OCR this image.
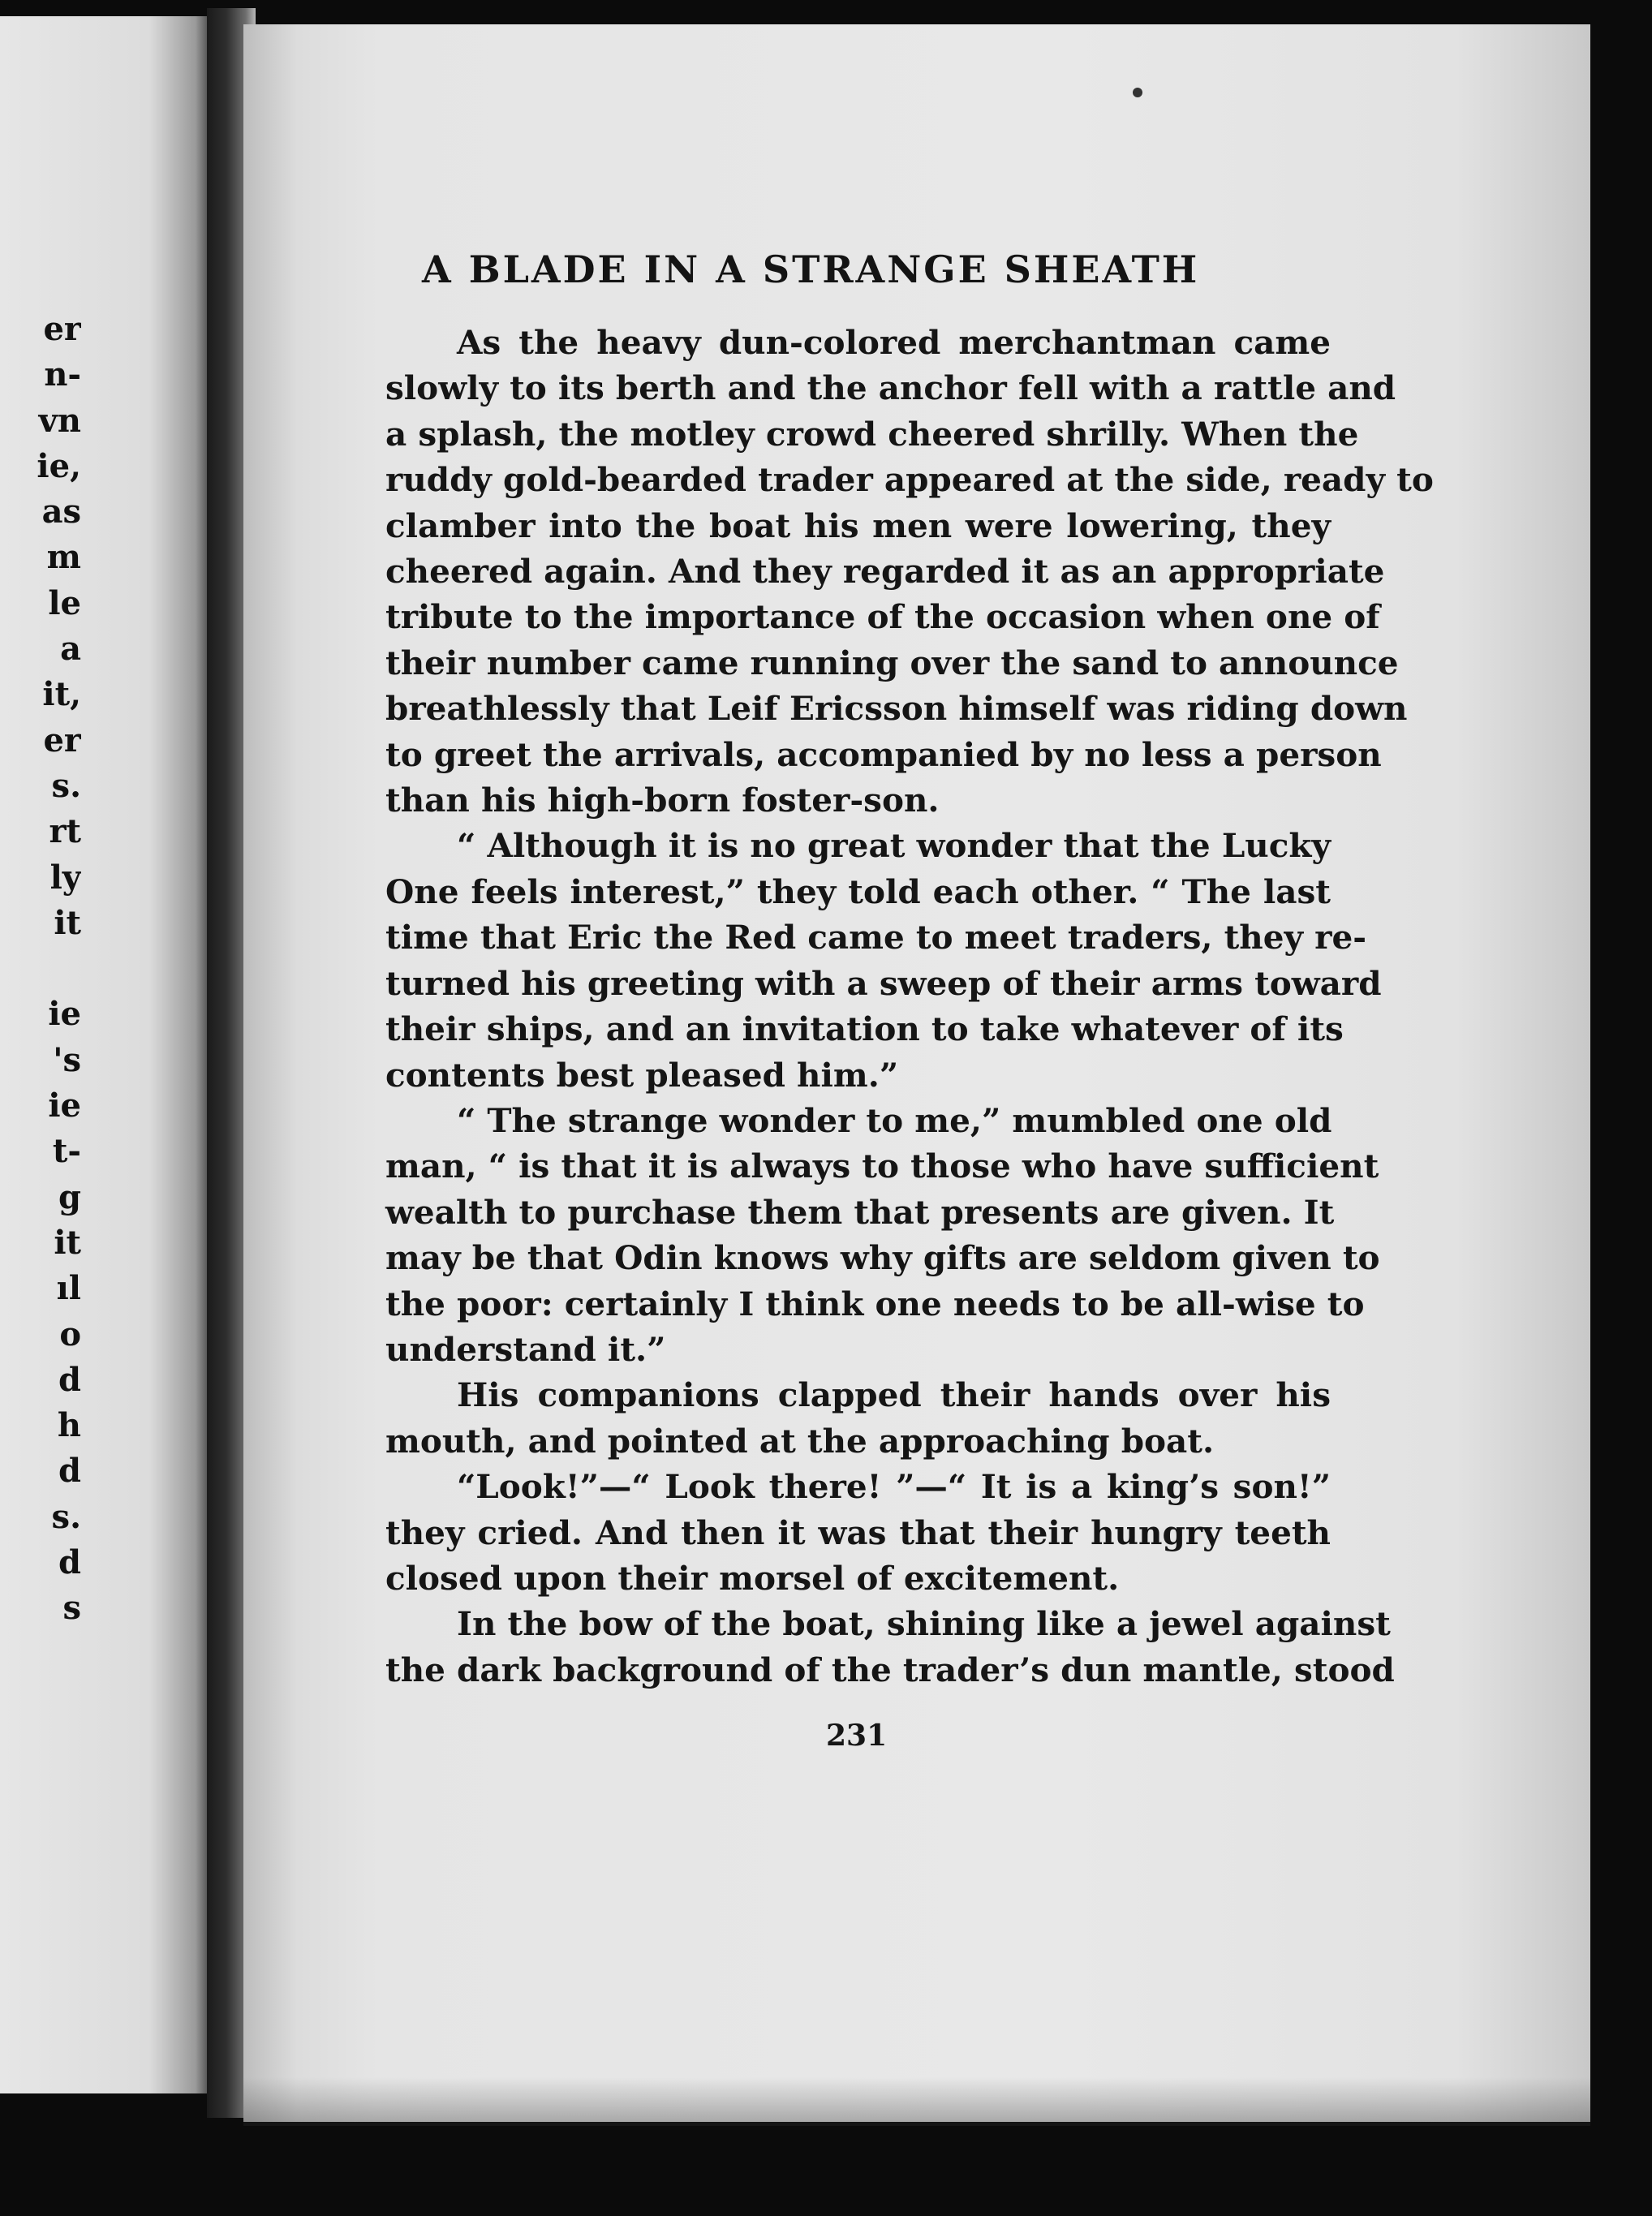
er
n-
vn
ie,
as
m
le
a
it,
er
s.
rt
ly
it
ie
's
ie
t-
g
it
ıl
o
d
h
d
s.
d
s
A BLADE IN A STRANGE SHEATH

As the heavy dun-colored merchantman came

slowly to its berth and the anchor fell with a rattle and

a splash, the motley crowd cheered shrilly. When the

ruddy gold-bearded trader appeared at the side, ready to

clamber into the boat his men were lowering, they

cheered again. And they regarded it as an appropriate

tribute to the importance of the occasion when one of

their number came running over the sand to announce

breathlessly that Leif Ericsson himself was riding down

to greet the arrivals, accompanied by no less a person

than his high-born foster-son.

“ Although it is no great wonder that the Lucky

One feels interest,” they told each other. “ The last

time that Eric the Red came to meet traders, they re-

turned his greeting with a sweep of their arms toward

their ships, and an invitation to take whatever of its

contents best pleased him.”

“ The strange wonder to me,” mumbled one old

man, “ is that it is always to those who have sufficient

wealth to purchase them that presents are given. It

may be that Odin knows why gifts are seldom given to

the poor: certainly I think one needs to be all-wise to

understand it.”

His companions clapped their hands over his

mouth, and pointed at the approaching boat.

“Look!”—“ Look there! ”—“ It is a king’s son!”

they cried. And then it was that their hungry teeth

closed upon their morsel of excitement.

In the bow of the boat, shining like a jewel against

the dark background of the trader’s dun mantle, stood

231
